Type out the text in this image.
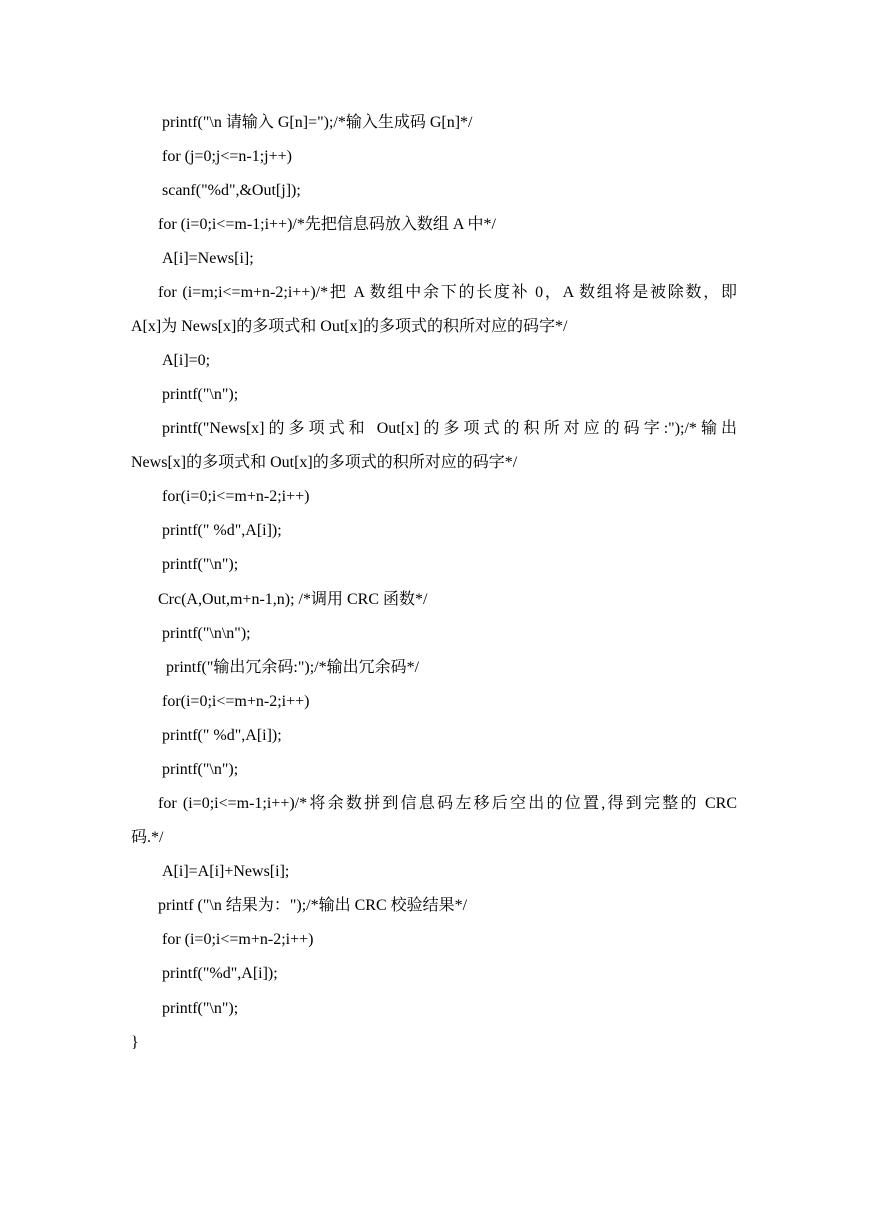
printf("\n 请输入 G[n]=");/*输入生成码 G[n]*/
for (j=0;j<=n-1;j++)
scanf("%d",&Out[j]);
for (i=0;i<=m-1;i++)/*先把信息码放入数组 A 中*/
A[i]=News[i];
for (i=m;i<=m+n-2;i++)/*把 A 数组中余下的长度补 0，A 数组将是被除数，即
A[x]为 News[x]的多项式和 Out[x]的多项式的积所对应的码字*/
A[i]=0;
printf("\n");
printf("News[x]的多项式和 Out[x]的多项式的积所对应的码字:");/*输出
News[x]的多项式和 Out[x]的多项式的积所对应的码字*/
for(i=0;i<=m+n-2;i++)
printf(" %d",A[i]);
printf("\n");
Crc(A,Out,m+n-1,n); /*调用 CRC 函数*/
printf("\n\n");
printf("输出冗余码:");/*输出冗余码*/
for(i=0;i<=m+n-2;i++)
printf(" %d",A[i]);
printf("\n");
for (i=0;i<=m-1;i++)/*将余数拼到信息码左移后空出的位置,得到完整的 CRC
码.*/
A[i]=A[i]+News[i];
printf ("\n 结果为：");/*输出 CRC 校验结果*/
for (i=0;i<=m+n-2;i++)
printf("%d",A[i]);
printf("\n");
}
